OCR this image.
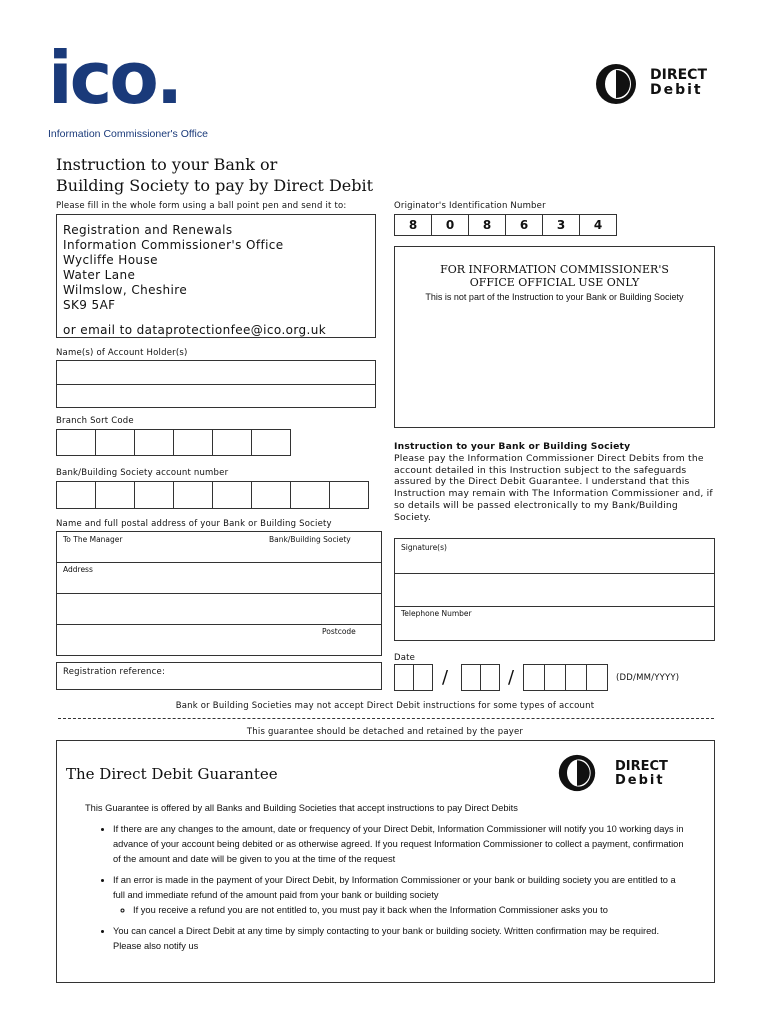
ico.
Information Commissioner's Office
DIRECT
Debit
Instruction to your Bank or
Building Society to pay by Direct Debit
Please fill in the whole form using a ball point pen and send it to:
Registration and Renewals
Information Commissioner's Office
Wycliffe House
Water Lane
Wilmslow, Cheshire
SK9 5AF
or email to dataprotectionfee@ico.org.uk
Originator's Identification Number
8	0	8	6	3	4
FOR INFORMATION COMMISSIONER'S
OFFICE OFFICIAL USE ONLY
This is not part of the Instruction to your Bank or Building Society
Name(s) of Account Holder(s)
Branch Sort Code
Bank/Building Society account number
Name and full postal address of your Bank or Building Society
To The Manager	Bank/Building Society
Address
Postcode
Registration reference:
Instruction to your Bank or Building Society
Please pay the Information Commissioner Direct Debits from the account detailed in this Instruction subject to the safeguards assured by the Direct Debit Guarantee. I understand that this Instruction may remain with The Information Commissioner and, if so details will be passed electronically to my Bank/Building Society.
Signature(s)
Telephone Number
Date
/	/	(DD/MM/YYYY)
Bank or Building Societies may not accept Direct Debit instructions for some types of account
This guarantee should be detached and retained by the payer
The Direct Debit Guarantee	DIRECT
Debit
This Guarantee is offered by all Banks and Building Societies that accept instructions to pay Direct Debits
• If there are any changes to the amount, date or frequency of your Direct Debit, Information Commissioner will notify you 10 working days in advance of your account being debited or as otherwise agreed. If you request Information Commissioner to collect a payment, confirmation of the amount and date will be given to you at the time of the request
• If an error is made in the payment of your Direct Debit, by Information Commissioner or your bank or building society you are entitled to a full and immediate refund of the amount paid from your bank or building society
◦ If you receive a refund you are not entitled to, you must pay it back when the Information Commissioner asks you to
• You can cancel a Direct Debit at any time by simply contacting to your bank or building society. Written confirmation may be required. Please also notify us
